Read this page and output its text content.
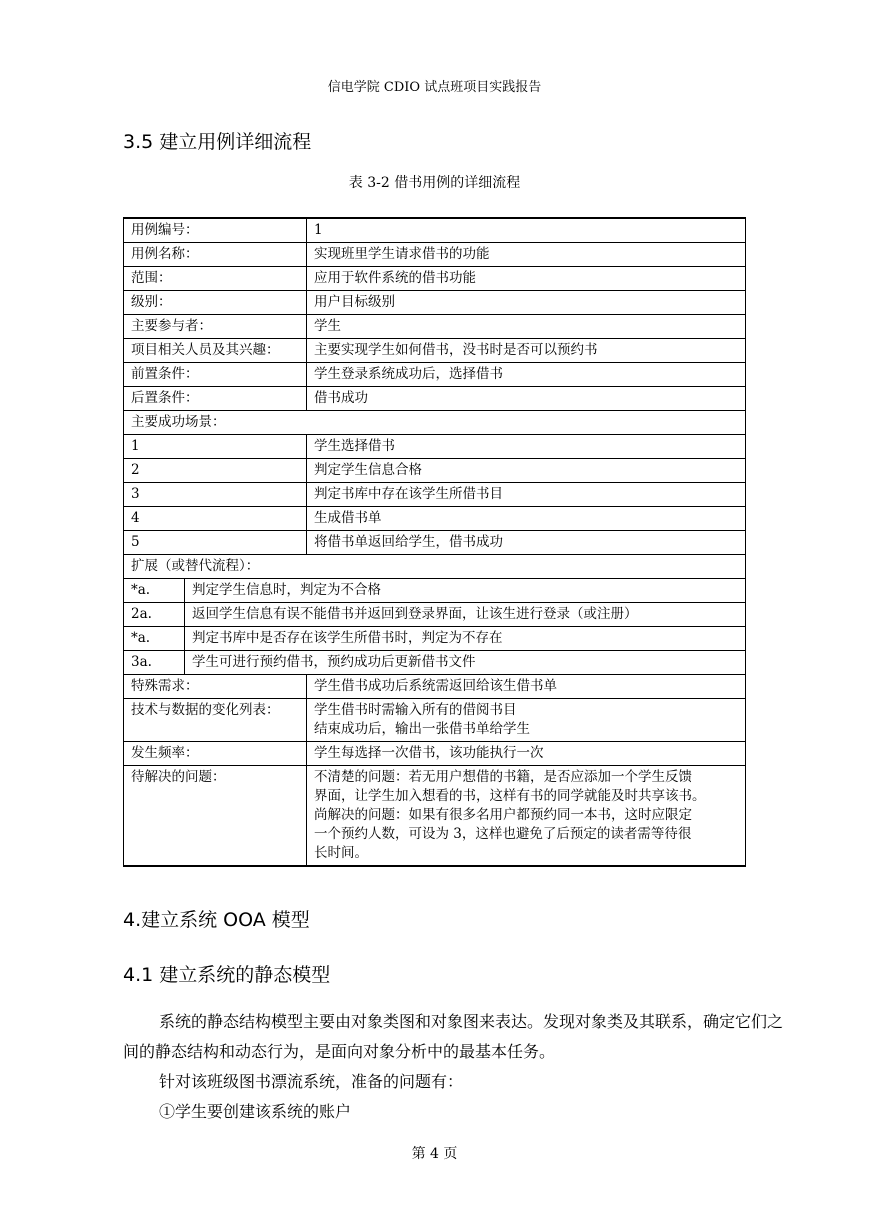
信电学院 CDIO 试点班项目实践报告
3.5 建立用例详细流程
表 3-2 借书用例的详细流程
用例编号：		1
用例名称：		实现班里学生请求借书的功能
范围：		应用于软件系统的借书功能
级别：		用户目标级别
主要参与者：		学生
项目相关人员及其兴趣：		主要实现学生如何借书，没书时是否可以预约书
前置条件：		学生登录系统成功后，选择借书
后置条件：		借书成功
主要成功场景：		
1		学生选择借书
2		判定学生信息合格
3		判定书库中存在该学生所借书目
4		生成借书单
5		将借书单返回给学生，借书成功
扩展（或替代流程）：		
*a.	判定学生信息时，判定为不合格	
2a.	返回学生信息有误不能借书并返回到登录界面，让该生进行登录（或注册）	
*a.	判定书库中是否存在该学生所借书时，判定为不存在	
3a.	学生可进行预约借书，预约成功后更新借书文件	
特殊需求：		学生借书成功后系统需返回给该生借书单
技术与数据的变化列表：		学生借书时需输入所有的借阅书目
结束成功后，输出一张借书单给学生

发生频率：		学生每选择一次借书，该功能执行一次
待解决的问题：		不清楚的问题：若无用户想借的书籍，是否应添加一个学生反馈
界面，让学生加入想看的书，这样有书的同学就能及时共享该书。
尚解决的问题：如果有很多名用户都预约同一本书，这时应限定
一个预约人数，可设为 3，这样也避免了后预定的读者需等待很
长时间。
4.建立系统 OOA 模型
4.1 建立系统的静态模型
系统的静态结构模型主要由对象类图和对象图来表达。发现对象类及其联系，确定它们之间的静态结构和动态行为，是面向对象分析中的最基本任务。
针对该班级图书漂流系统，准备的问题有：
①学生要创建该系统的账户
第 4 页
